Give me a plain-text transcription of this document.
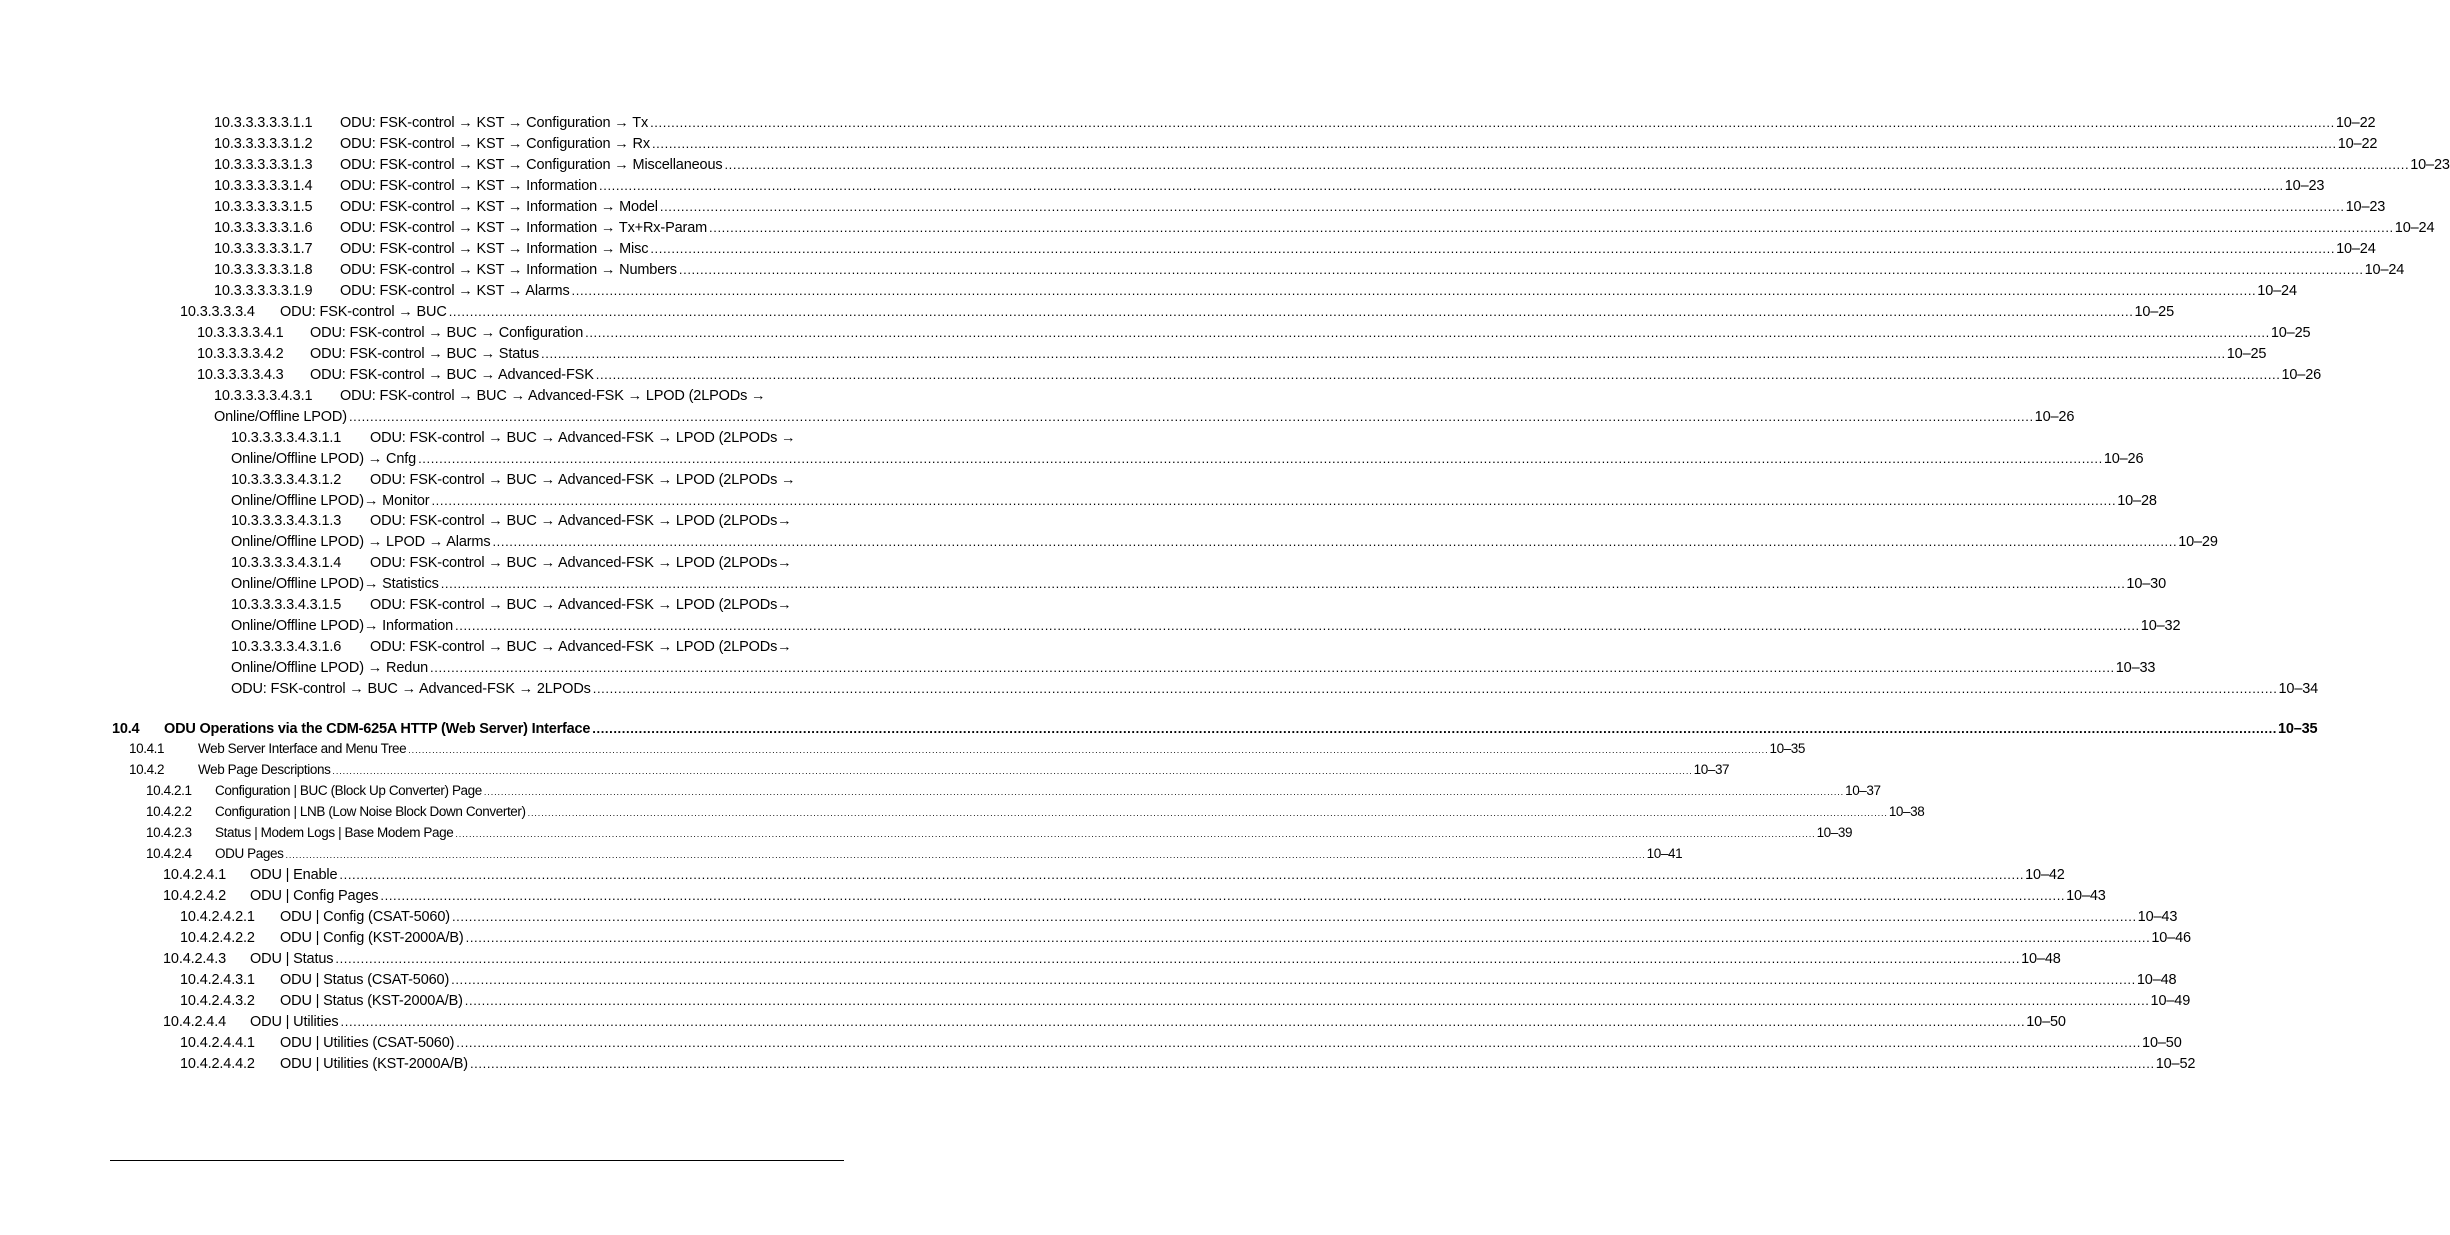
10.3.3.3.3.3.1.1	ODU: FSK-control → KST → Configuration → Tx ................................................................................................................................................................................................................................................................................................................................................................................................................ 10–22
10.3.3.3.3.3.1.2	ODU: FSK-control → KST → Configuration → Rx ................................................................................................................................................................................................................................................................................................................................................................................................................ 10–22
10.3.3.3.3.3.1.3	ODU: FSK-control → KST → Configuration → Miscellaneous ................................................................................................................................................................................................................................................................................................................................................................................................................ 10–23
10.3.3.3.3.3.1.4	ODU: FSK-control → KST → Information ................................................................................................................................................................................................................................................................................................................................................................................................................ 10–23
10.3.3.3.3.3.1.5	ODU: FSK-control → KST → Information → Model ................................................................................................................................................................................................................................................................................................................................................................................................................ 10–23
10.3.3.3.3.3.1.6	ODU: FSK-control → KST → Information → Tx+Rx-Param ................................................................................................................................................................................................................................................................................................................................................................................................................ 10–24
10.3.3.3.3.3.1.7	ODU: FSK-control → KST → Information → Misc ................................................................................................................................................................................................................................................................................................................................................................................................................ 10–24
10.3.3.3.3.3.1.8	ODU: FSK-control → KST → Information → Numbers ................................................................................................................................................................................................................................................................................................................................................................................................................ 10–24
10.3.3.3.3.3.1.9	ODU: FSK-control → KST → Alarms ................................................................................................................................................................................................................................................................................................................................................................................................................ 10–24
10.3.3.3.3.4	ODU: FSK-control → BUC ................................................................................................................................................................................................................................................................................................................................................................................................................ 10–25
10.3.3.3.3.4.1	ODU: FSK-control → BUC → Configuration ................................................................................................................................................................................................................................................................................................................................................................................................................ 10–25
10.3.3.3.3.4.2	ODU: FSK-control → BUC → Status ................................................................................................................................................................................................................................................................................................................................................................................................................ 10–25
10.3.3.3.3.4.3	ODU: FSK-control → BUC → Advanced-FSK ................................................................................................................................................................................................................................................................................................................................................................................................................ 10–26
10.3.3.3.3.4.3.1	ODU: FSK-control → BUC → Advanced-FSK → LPOD (2LPODs →
Online/Offline LPOD) ................................................................................................................................................................................................................................................................................................................................................................................................................ 10–26
10.3.3.3.3.4.3.1.1	ODU: FSK-control → BUC → Advanced-FSK → LPOD (2LPODs →
Online/Offline LPOD) → Cnfg ................................................................................................................................................................................................................................................................................................................................................................................................................ 10–26
10.3.3.3.3.4.3.1.2	ODU: FSK-control → BUC → Advanced-FSK → LPOD (2LPODs →
Online/Offline LPOD)→ Monitor ................................................................................................................................................................................................................................................................................................................................................................................................................ 10–28
10.3.3.3.3.4.3.1.3	ODU: FSK-control → BUC → Advanced-FSK → LPOD (2LPODs→
Online/Offline LPOD) → LPOD → Alarms ................................................................................................................................................................................................................................................................................................................................................................................................................ 10–29
10.3.3.3.3.4.3.1.4	ODU: FSK-control → BUC → Advanced-FSK → LPOD (2LPODs→
Online/Offline LPOD)→ Statistics ................................................................................................................................................................................................................................................................................................................................................................................................................ 10–30
10.3.3.3.3.4.3.1.5	ODU: FSK-control → BUC → Advanced-FSK → LPOD (2LPODs→
Online/Offline LPOD)→ Information ................................................................................................................................................................................................................................................................................................................................................................................................................ 10–32
10.3.3.3.3.4.3.1.6	ODU: FSK-control → BUC → Advanced-FSK → LPOD (2LPODs→
Online/Offline LPOD) → Redun ................................................................................................................................................................................................................................................................................................................................................................................................................ 10–33
ODU: FSK-control → BUC → Advanced-FSK → 2LPODs ................................................................................................................................................................................................................................................................................................................................................................................................................ 10–34
10.4	ODU Operations via the CDM-625A HTTP (Web Server) Interface ................................................................................................................................................................................................................................................................................................................................................................................................................ 10–35
10.4.1	Web Server Interface and Menu Tree ................................................................................................................................................................................................................................................................................................................................................................................................................ 10–35
10.4.2	Web Page Descriptions ................................................................................................................................................................................................................................................................................................................................................................................................................ 10–37
10.4.2.1	Configuration | BUC (Block Up Converter) Page ................................................................................................................................................................................................................................................................................................................................................................................................................ 10–37
10.4.2.2	Configuration | LNB (Low Noise Block Down Converter) ................................................................................................................................................................................................................................................................................................................................................................................................................ 10–38
10.4.2.3	Status | Modem Logs | Base Modem Page ................................................................................................................................................................................................................................................................................................................................................................................................................ 10–39
10.4.2.4	ODU Pages ................................................................................................................................................................................................................................................................................................................................................................................................................ 10–41
10.4.2.4.1	ODU | Enable ................................................................................................................................................................................................................................................................................................................................................................................................................ 10–42
10.4.2.4.2	ODU | Config Pages ................................................................................................................................................................................................................................................................................................................................................................................................................ 10–43
10.4.2.4.2.1	ODU | Config (CSAT-5060) ................................................................................................................................................................................................................................................................................................................................................................................................................ 10–43
10.4.2.4.2.2	ODU | Config (KST-2000A/B) ................................................................................................................................................................................................................................................................................................................................................................................................................ 10–46
10.4.2.4.3	ODU | Status ................................................................................................................................................................................................................................................................................................................................................................................................................ 10–48
10.4.2.4.3.1	ODU | Status (CSAT-5060) ................................................................................................................................................................................................................................................................................................................................................................................................................ 10–48
10.4.2.4.3.2	ODU | Status (KST-2000A/B) ................................................................................................................................................................................................................................................................................................................................................................................................................ 10–49
10.4.2.4.4	ODU | Utilities ................................................................................................................................................................................................................................................................................................................................................................................................................ 10–50
10.4.2.4.4.1	ODU | Utilities (CSAT-5060) ................................................................................................................................................................................................................................................................................................................................................................................................................ 10–50
10.4.2.4.4.2	ODU | Utilities (KST-2000A/B) ................................................................................................................................................................................................................................................................................................................................................................................................................ 10–52
